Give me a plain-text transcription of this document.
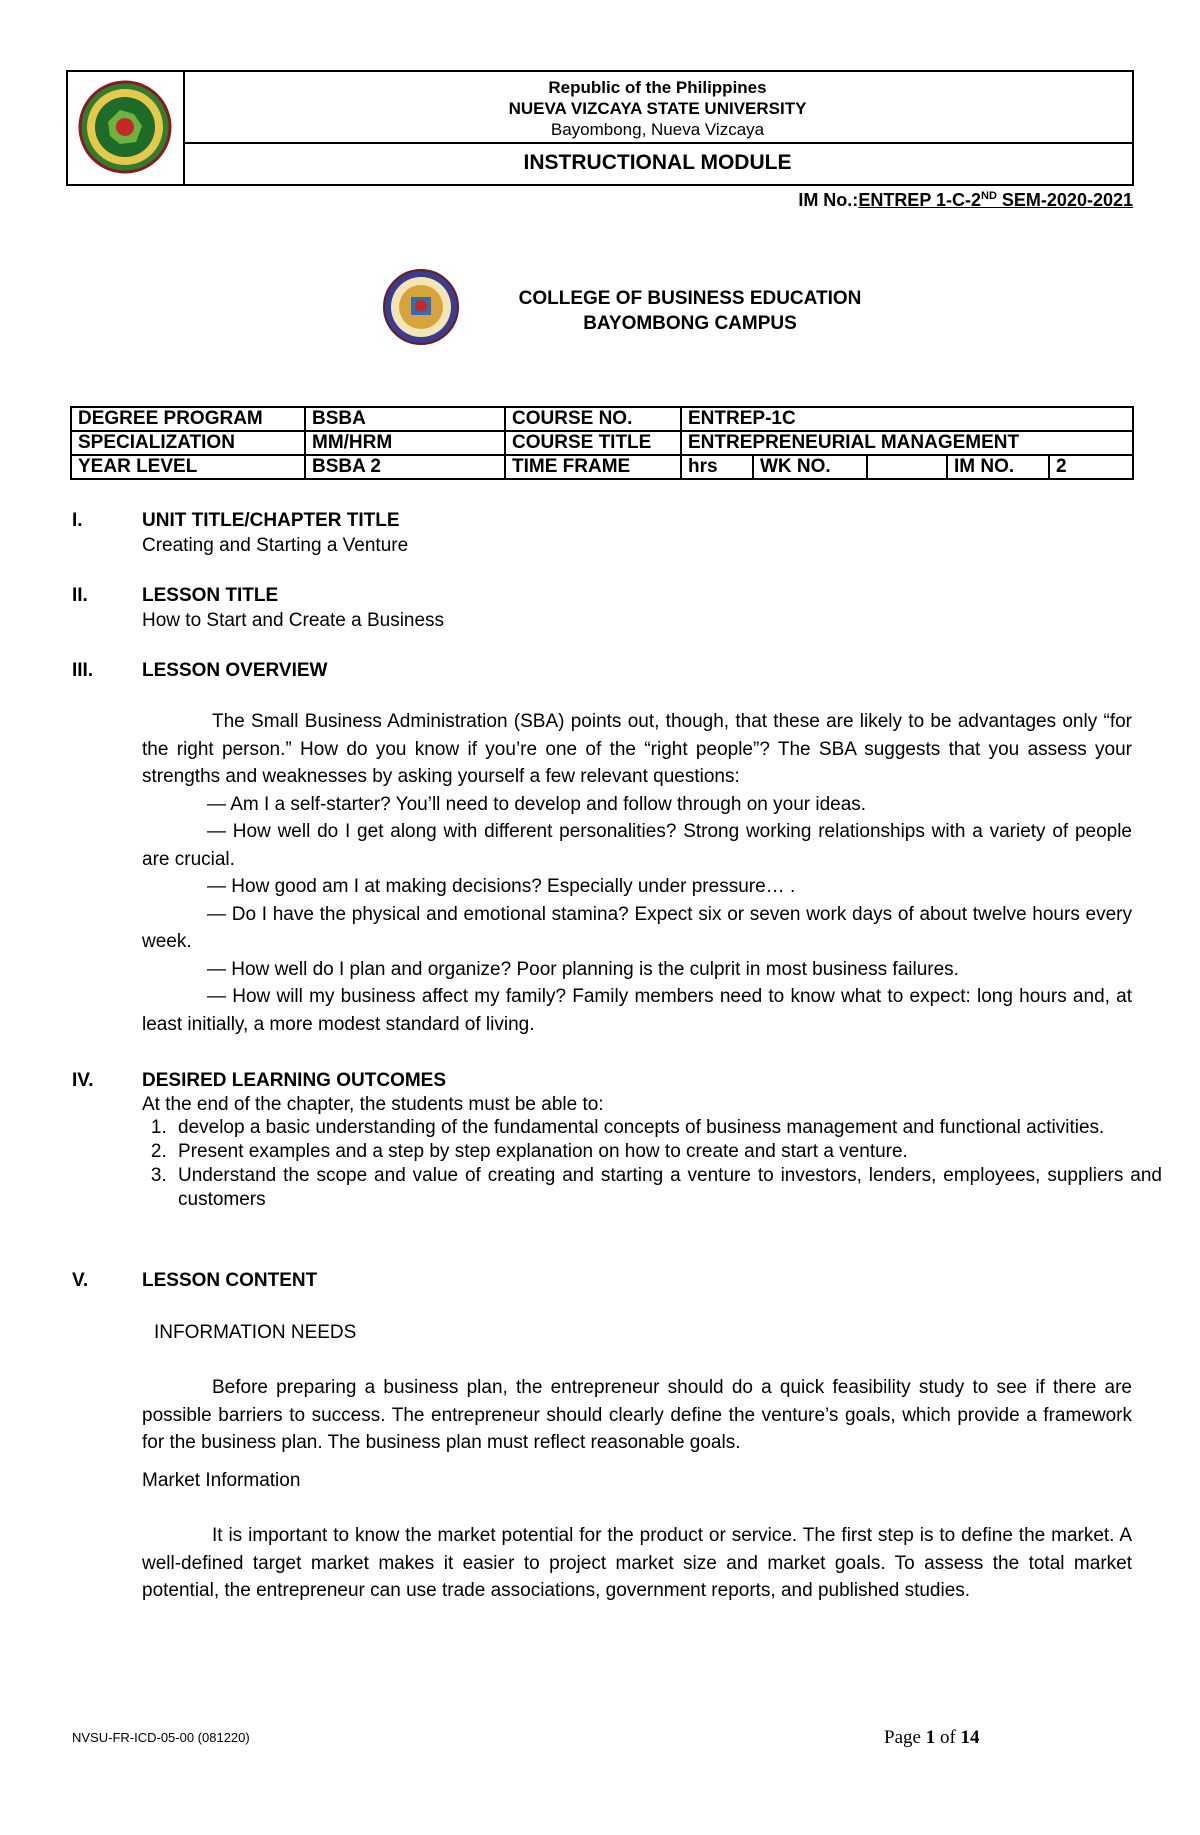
Republic of the Philippines
NUEVA VIZCAYA STATE UNIVERSITY
Bayombong, Nueva Vizcaya
INSTRUCTIONAL MODULE
IM No.:ENTREP 1-C-2ND SEM-2020-2021
COLLEGE OF BUSINESS EDUCATION
BAYOMBONG CAMPUS
DEGREE PROGRAM	BSBA	COURSE NO.	ENTREP-1C				
SPECIALIZATION	MM/HRM	COURSE TITLE	ENTREPRENEURIAL MANAGEMENT				
YEAR LEVEL	BSBA 2	TIME FRAME	hrs	WK NO.		IM NO.	2
I.	UNIT TITLE/CHAPTER TITLE
Creating and Starting a Venture
II.	LESSON TITLE
How to Start and Create a Business
III.	LESSON OVERVIEW

The Small Business Administration (SBA) points out, though, that these are likely to be advantages only “for the right person.” How do you know if you’re one of the “right people”? The SBA suggests that you assess your strengths and weaknesses by asking yourself a few relevant questions:

— Am I a self-starter? You’ll need to develop and follow through on your ideas.

— How well do I get along with different personalities? Strong working relationships with a variety of people are crucial.

— How good am I at making decisions? Especially under pressure… .

— Do I have the physical and emotional stamina? Expect six or seven work days of about twelve hours every week.

— How well do I plan and organize? Poor planning is the culprit in most business failures.

— How will my business affect my family? Family members need to know what to expect: long hours and, at least initially, a more modest standard of living.

IV.	DESIRED LEARNING OUTCOMES
At the end of the chapter, the students must be able to:
1. develop a basic understanding of the fundamental concepts of business management and functional activities.
2. Present examples and a step by step explanation on how to create and start a venture.
3. Understand the scope and value of creating and starting a venture to investors, lenders, employees, suppliers and customers
V.	LESSON CONTENT
INFORMATION NEEDS

Before preparing a business plan, the entrepreneur should do a quick feasibility study to see if there are possible barriers to success. The entrepreneur should clearly define the venture’s goals, which provide a framework for the business plan. The business plan must reflect reasonable goals.

Market Information

It is important to know the market potential for the product or service. The first step is to define the market. A well-defined target market makes it easier to project market size and market goals. To assess the total market potential, the entrepreneur can use trade associations, government reports, and published studies.

NVSU-FR-ICD-05-00 (081220)	Page 1 of 14
